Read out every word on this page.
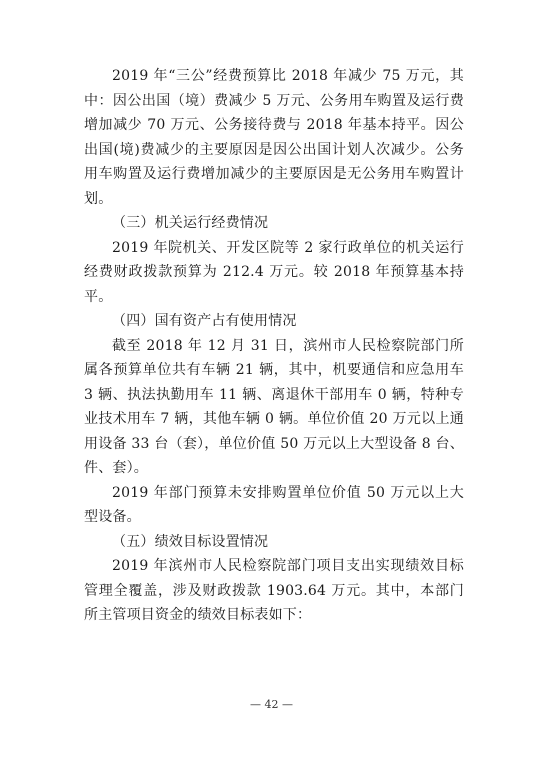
2019 年“三公”经费预算比 2018 年减少 75 万元，其中：因公出国（境）费减少 5 万元、公务用车购置及运行费增加减少 70 万元、公务接待费与 2018 年基本持平。因公出国(境)费减少的主要原因是因公出国计划人次减少。公务用车购置及运行费增加减少的主要原因是无公务用车购置计划。

（三）机关运行经费情况

2019 年院机关、开发区院等 2 家行政单位的机关运行经费财政拨款预算为 212.4 万元。较 2018 年预算基本持平。

（四）国有资产占有使用情况

截至 2018 年 12 月 31 日，滨州市人民检察院部门所属各预算单位共有车辆 21 辆，其中，机要通信和应急用车 3 辆、执法执勤用车 11 辆、离退休干部用车 0 辆，特种专业技术用车 7 辆，其他车辆 0 辆。单位价值 20 万元以上通用设备 33 台（套），单位价值 50 万元以上大型设备 8 台、件、套）。

2019 年部门预算未安排购置单位价值 50 万元以上大型设备。

（五）绩效目标设置情况

2019 年滨州市人民检察院部门项目支出实现绩效目标管理全覆盖，涉及财政拨款 1903.64 万元。其中，本部门所主管项目资金的绩效目标表如下：

— 42 —
